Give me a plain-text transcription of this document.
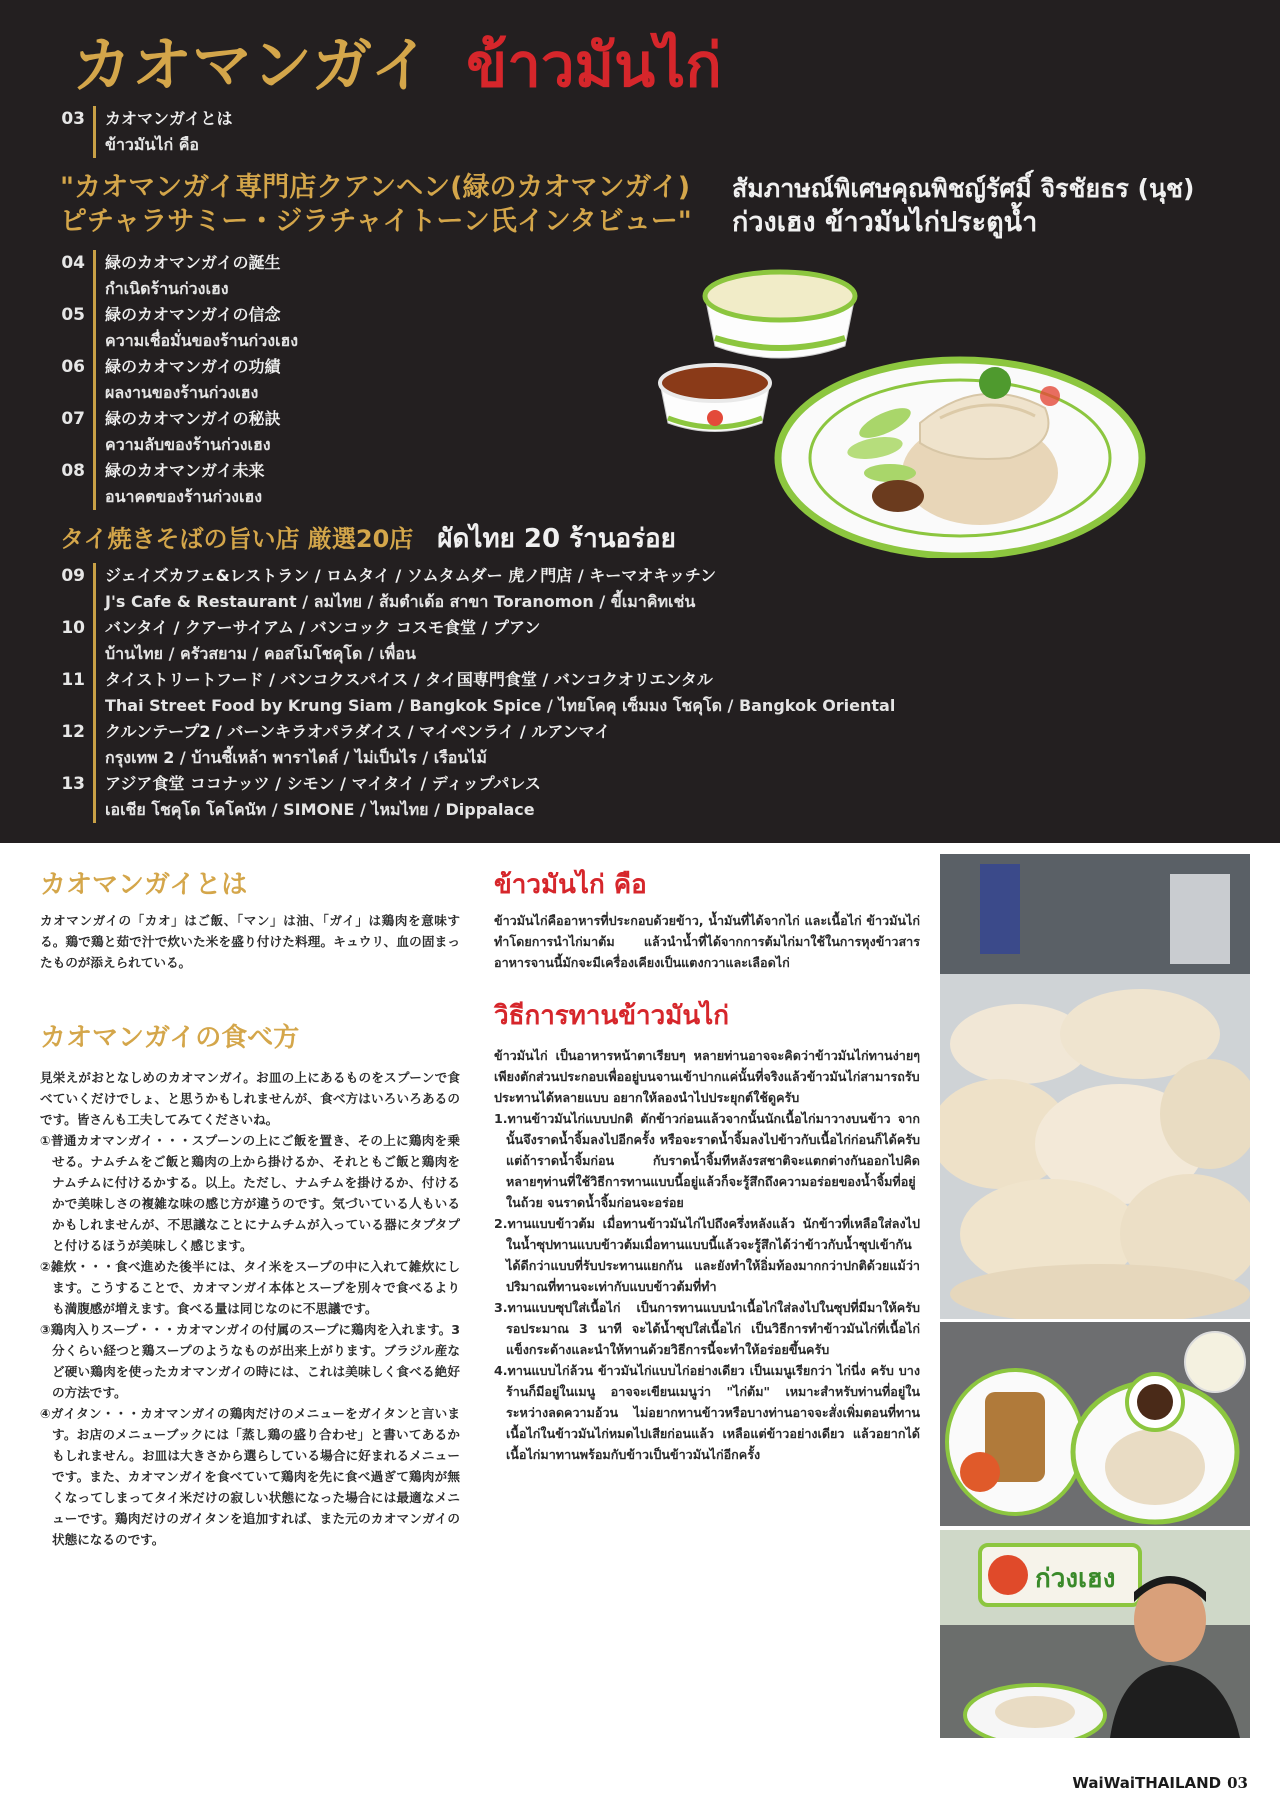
カオマンガイ ข้าวมันไก่
03	カオマンガイとは
ข้าวมันไก่ คือ
"カオマンガイ専門店クアンヘン(緑のカオマンガイ)
ピチャラサミー・ジラチャイトーン氏インタビュー"
สัมภาษณ์พิเศษคุณพิชญ์รัศมิ์ จิรชัยธร (นุช)
ก่วงเฮง ข้าวมันไก่ประตูน้ำ
04	緑のカオマンガイの誕生
กำเนิดร้านก่วงเฮง
05	緑のカオマンガイの信念
ความเชื่อมั่นของร้านก่วงเฮง
06	緑のカオマンガイの功績
ผลงานของร้านก่วงเฮง
07	緑のカオマンガイの秘訣
ความลับของร้านก่วงเฮง
08	緑のカオマンガイ未来
อนาคตของร้านก่วงเฮง
タイ焼きそばの旨い店 厳選20店 ผัดไทย 20 ร้านอร่อย
09	ジェイズカフェ&レストラン / ロムタイ / ソムタムダー 虎ノ門店 / キーマオキッチン
J's Cafe & Restaurant / ลมไทย / ส้มตำเด้อ สาขา Toranomon / ขี้เมาคิทเช่น
10	バンタイ / クアーサイアム / バンコック コスモ食堂 / プアン
บ้านไทย / ครัวสยาม / คอสโมโชคุโด / เพื่อน
11	タイストリートフード / バンコクスパイス / タイ国専門食堂 / バンコクオリエンタル
Thai Street Food by Krung Siam / Bangkok Spice / ไทยโคคุ เซ็มมง โชคุโด / Bangkok Oriental
12	クルンテープ2 / バーンキラオパラダイス / マイペンライ / ルアンマイ
กรุงเทพ 2 / บ้านชี้เหล้า พาราไดส์ / ไม่เป็นไร / เรือนไม้
13	アジア食堂 ココナッツ / シモン / マイタイ / ディップパレス
เอเชีย โชคุโด โคโคนัท / SIMONE / ไหมไทย / Dippalace
カオマンガイとは
カオマンガイの「カオ」はご飯、「マン」は油、「ガイ」は鶏肉を意味する。鶏で鶏と茹で汁で炊いた米を盛り付けた料理。キュウリ、血の固まったものが添えられている。
カオマンガイの食べ方

見栄えがおとなしめのカオマンガイ。お皿の上にあるものをスプーンで食べていくだけでしょ、と思うかもしれませんが、食べ方はいろいろあるのです。皆さんも工夫してみてくださいね。

①普通カオマンガイ・・・スプーンの上にご飯を置き、その上に鶏肉を乗せる。ナムチムをご飯と鶏肉の上から掛けるか、それともご飯と鶏肉をナムチムに付けるかする。以上。ただし、ナムチムを掛けるか、付けるかで美味しさの複雑な味の感じ方が違うのです。気づいている人もいるかもしれませんが、不思議なことにナムチムが入っている器にタプタプと付けるほうが美味しく感じます。

②雑炊・・・食べ進めた後半には、タイ米をスープの中に入れて雑炊にします。こうすることで、カオマンガイ本体とスープを別々で食べるよりも満腹感が増えます。食べる量は同じなのに不思議です。

③鶏肉入りスープ・・・カオマンガイの付属のスープに鶏肉を入れます。3分くらい経つと鶏スープのようなものが出来上がります。ブラジル産など硬い鶏肉を使ったカオマンガイの時には、これは美味しく食べる絶好の方法です。

④ガイタン・・・カオマンガイの鶏肉だけのメニューをガイタンと言います。お店のメニューブックには「蒸し鶏の盛り合わせ」と書いてあるかもしれません。お皿は大きさから選らしている場合に好まれるメニューです。また、カオマンガイを食べていて鶏肉を先に食べ過ぎて鶏肉が無くなってしまってタイ米だけの寂しい状態になった場合には最適なメニューです。鶏肉だけのガイタンを追加すれば、また元のカオマンガイの状態になるのです。

ข้าวมันไก่ คือ
ข้าวมันไก่คืออาหารที่ประกอบด้วยข้าว, น้ำมันที่ได้จากไก่ และเนื้อไก่ ข้าวมันไก่ทำโดยการนำไก่มาต้ม แล้วนำน้ำที่ได้จากการต้มไก่มาใช้ในการหุงข้าวสารอาหารจานนี้มักจะมีเครื่องเคียงเป็นแตงกวาและเลือดไก่
วิธีการทานข้าวมันไก่

ข้าวมันไก่ เป็นอาหารหน้าตาเรียบๆ หลายท่านอาจจะคิดว่าข้าวมันไก่ทานง่ายๆเพียงตักส่วนประกอบเพื่ออยู่บนจานเข้าปากแค่นั้นที่จริงแล้วข้าวมันไก่สามารถรับประทานได้หลายแบบ อยากให้ลองนำไปประยุกต์ใช้ดูครับ

1.ทานข้าวมันไก่แบบปกติ ตักข้าวก่อนแล้วจากนั้นนักเนื้อไก่มาวางบนข้าว จากนั้นจึงราดน้ำจิ้มลงไปอีกครั้ง หรือจะราดน้ำจิ้มลงไปข้าวกับเนื้อไก่ก่อนก็ได้ครับ แต่ถ้าราดน้ำจิ้มก่อน กับราดน้ำจิ้มทีหลังรสชาติจะแตกต่างกันออกไปคิดหลายๆท่านที่ใช้วิธีการทานแบบนี้อยู่แล้วก็จะรู้สึกถึงความอร่อยของน้ำจิ้มที่อยู่ในถ้วย จนราดน้ำจิ้มก่อนจะอร่อย

2.ทานแบบข้าวต้ม เมื่อทานข้าวมันไก่ไปถึงครึ่งหลังแล้ว นักข้าวที่เหลือใส่ลงไปในน้ำซุปทานแบบข้าวต้มเมื่อทานแบบนี้แล้วจะรู้สึกได้ว่าข้าวกับน้ำซุปเข้ากันได้ดีกว่าแบบที่รับประทานแยกกัน และยังทำให้อิ่มท้องมากกว่าปกติด้วยแม้ว่าปริมาณที่ทานจะเท่ากับแบบข้าวต้มที่ทำ

3.ทานแบบซุปใส่เนื้อไก่ เป็นการทานแบบนำเนื้อไก่ใส่ลงไปในซุปที่มีมาให้ครับ รอประมาณ 3 นาที จะได้น้ำซุปใส่เนื้อไก่ เป็นวิธีการทำข้าวมันไก่ที่เนื้อไก่แข็งกระด้างและนำให้ทานด้วยวิธีการนี้จะทำให้อร่อยขึ้นครับ

4.ทานแบบไก่ล้วน ข้าวมันไก่แบบไก่อย่างเดียว เป็นเมนูเรียกว่า ไก่นี่ง ครับ บางร้านก็มีอยู่ในเมนู อาจจะเขียนเมนูว่า "ไก่ต้ม" เหมาะสำหรับท่านที่อยู่ในระหว่างลดความอ้วน ไม่อยากทานข้าวหรือบางท่านอาจจะสั่งเพิ่มตอนที่ทานเนื้อไก่ในข้าวมันไก่หมดไปเสียก่อนแล้ว เหลือแต่ข้าวอย่างเดียว แล้วอยากได้เนื้อไก่มาทานพร้อมกับข้าวเป็นข้าวมันไก่อีกครั้ง

ก่วงเฮง
WaiWaiTHAILAND 03
